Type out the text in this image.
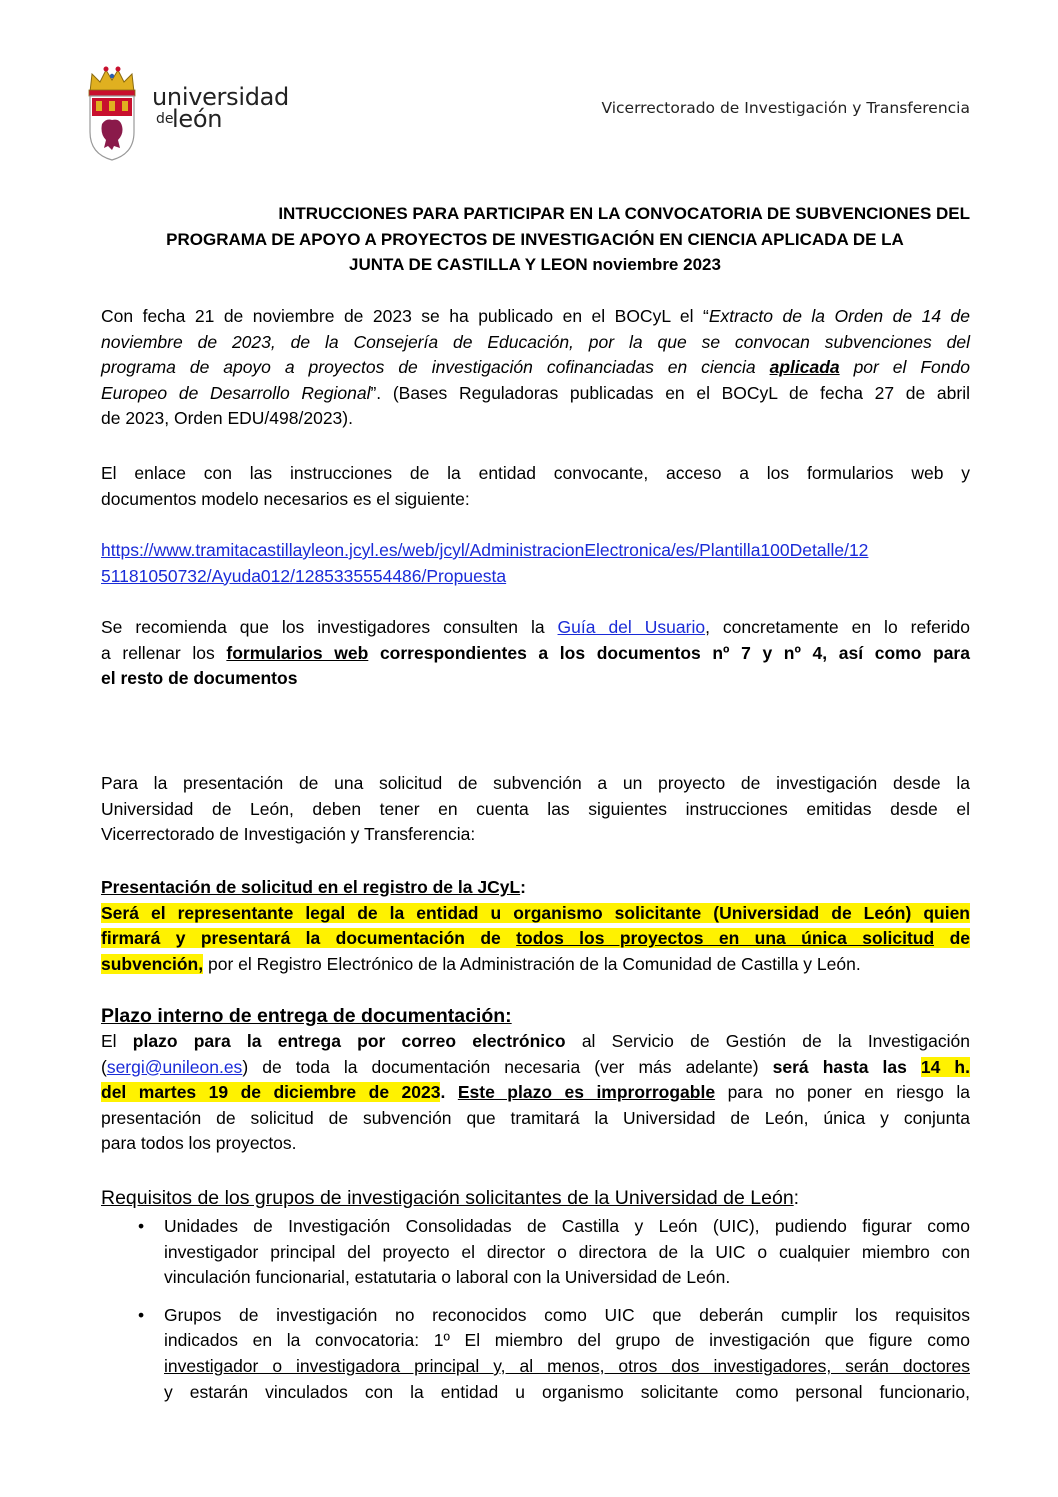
universidad
de
león	Vicerrectorado de Investigación y Transferencia
INTRUCCIONES PARA PARTICIPAR EN LA CONVOCATORIA DE SUBVENCIONES DEL
PROGRAMA DE APOYO A PROYECTOS DE INVESTIGACIÓN EN CIENCIA APLICADA DE LA
JUNTA DE CASTILLA Y LEON noviembre 2023
Con fecha 21 de noviembre de 2023 se ha publicado en el BOCyL el “Extracto de la Orden de 14 de
noviembre de 2023, de la Consejería de Educación, por la que se convocan subvenciones del
programa de apoyo a proyectos de investigación cofinanciadas en ciencia aplicada por el Fondo
Europeo de Desarrollo Regional”. (Bases Reguladoras publicadas en el BOCyL de fecha 27 de abril
de 2023, Orden EDU/498/2023).
El enlace con las instrucciones de la entidad convocante, acceso a los formularios web y
documentos modelo necesarios es el siguiente:
https://www.tramitacastillayleon.jcyl.es/web/jcyl/AdministracionElectronica/es/Plantilla100Detalle/12
51181050732/Ayuda012/1285335554486/Propuesta
Se recomienda que los investigadores consulten la Guía del Usuario, concretamente en lo referido
a rellenar los formularios web correspondientes a los documentos nº 7 y nº 4, así como para
el resto de documentos
Para la presentación de una solicitud de subvención a un proyecto de investigación desde la
Universidad de León, deben tener en cuenta las siguientes instrucciones emitidas desde el
Vicerrectorado de Investigación y Transferencia:
Presentación de solicitud en el registro de la JCyL:
Será el representante legal de la entidad u organismo solicitante (Universidad de León) quien
firmará y presentará la documentación de todos los proyectos en una única solicitud de
subvención, por el Registro Electrónico de la Administración de la Comunidad de Castilla y León.
Plazo interno de entrega de documentación:
El plazo para la entrega por correo electrónico al Servicio de Gestión de la Investigación
(sergi@unileon.es) de toda la documentación necesaria (ver más adelante) será hasta las 14 h.
del martes 19 de diciembre de 2023. Este plazo es improrrogable para no poner en riesgo la
presentación de solicitud de subvención que tramitará la Universidad de León, única y conjunta
para todos los proyectos.
Requisitos de los grupos de investigación solicitantes de la Universidad de León:
• Unidades de Investigación Consolidadas de Castilla y León (UIC), pudiendo figurar como
investigador principal del proyecto el director o directora de la UIC o cualquier miembro con
vinculación funcionarial, estatutaria o laboral con la Universidad de León.
• Grupos de investigación no reconocidos como UIC que deberán cumplir los requisitos
indicados en la convocatoria: 1º El miembro del grupo de investigación que figure como
investigador o investigadora principal y, al menos, otros dos investigadores, serán doctores
y estarán vinculados con la entidad u organismo solicitante como personal funcionario,
